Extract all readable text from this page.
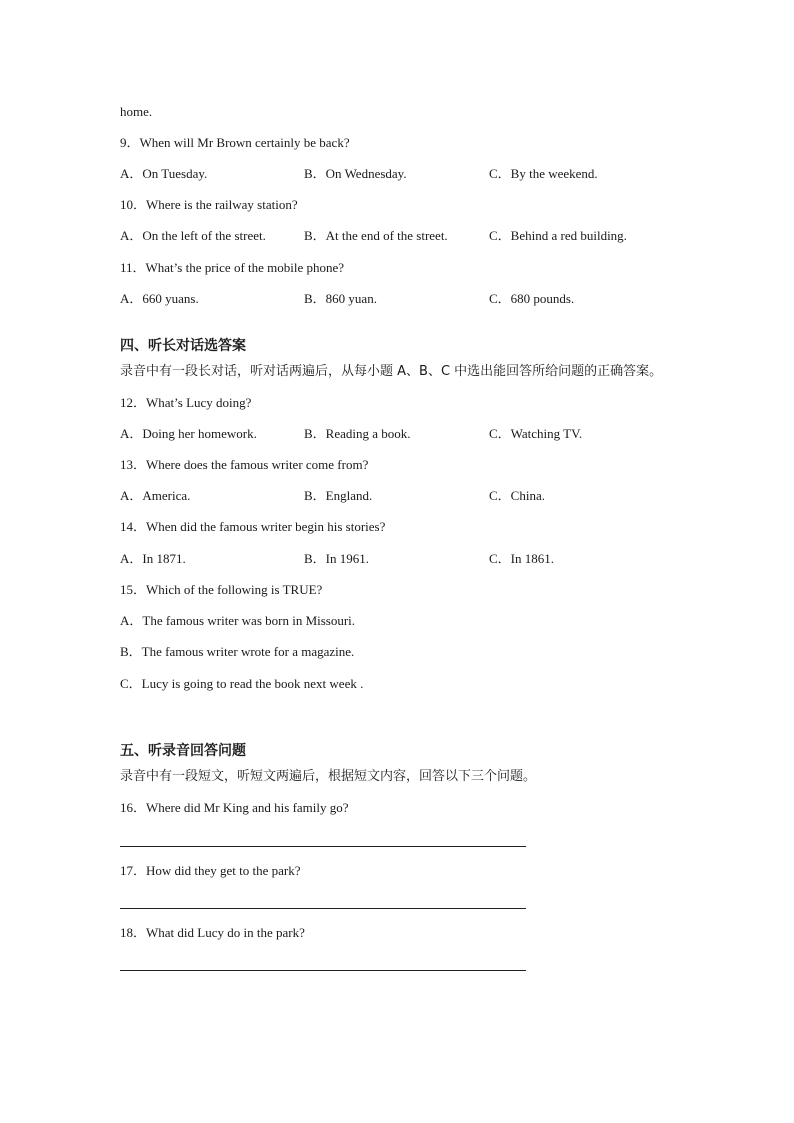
home.
9．When will Mr Brown certainly be back?
A．On Tuesday.	B．On Wednesday.	C．By the weekend.
10．Where is the railway station?
A．On the left of the street.	B．At the end of the street.	C．Behind a red building.
11．What’s the price of the mobile phone?
A．660 yuans.	B．860 yuan.	C．680 pounds.
四、听长对话选答案
录音中有一段长对话，听对话两遍后，从每小题 A、B、C 中选出能回答所给问题的正确答案。
12．What’s Lucy doing?
A．Doing her homework.	B．Reading a book.	C．Watching TV.
13．Where does the famous writer come from?
A．America.	B．England.	C．China.
14．When did the famous writer begin his stories?
A．In 1871.	B．In 1961.	C．In 1861.
15．Which of the following is TRUE?
A．The famous writer was born in Missouri.
B．The famous writer wrote for a magazine.
C．Lucy is going to read the book next week .
五、听录音回答问题
录音中有一段短文，听短文两遍后，根据短文内容，回答以下三个问题。
16．Where did Mr King and his family go?
17．How did they get to the park?
18．What did Lucy do in the park?
